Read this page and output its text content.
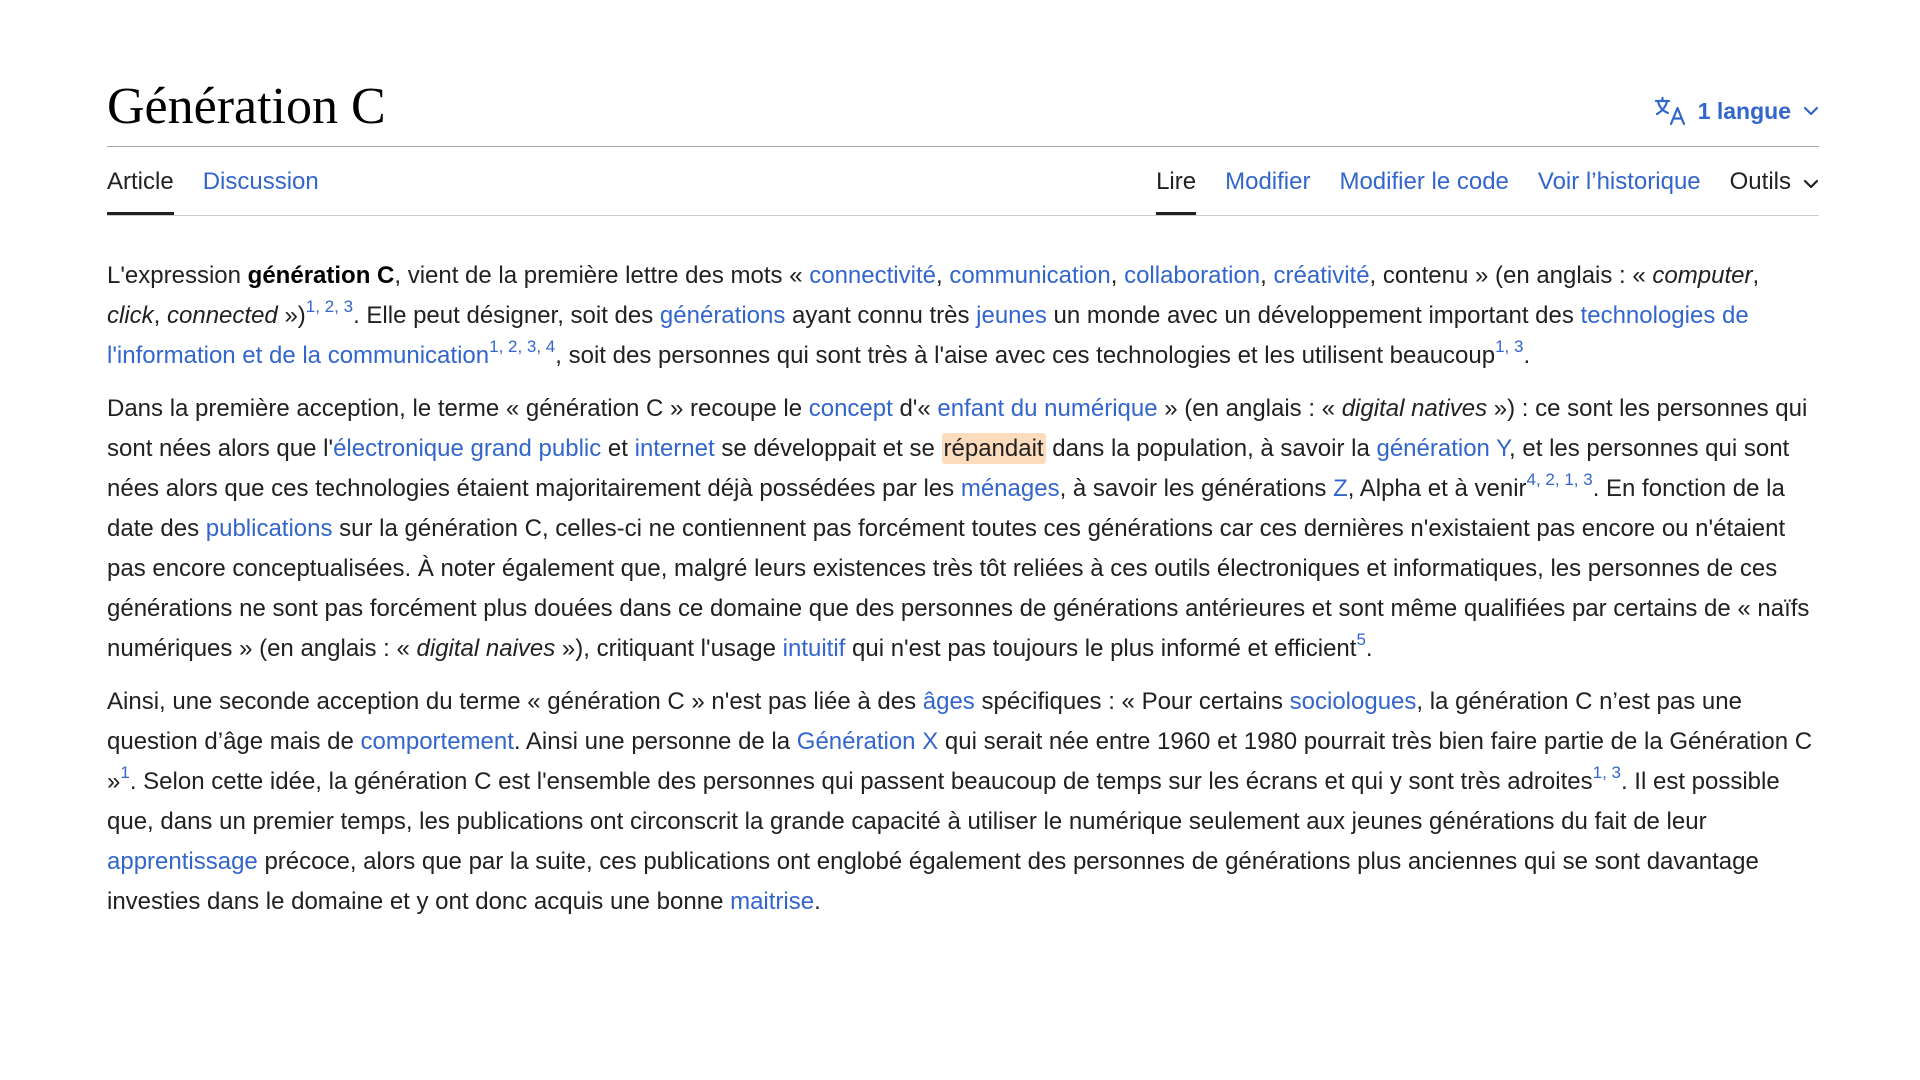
Génération C	1 langue
Article Discussion	Lire Modifier Modifier le code Voir l’historique Outils

L'expression génération C, vient de la première lettre des mots « connectivité, communication, collaboration, créativité, contenu » (en anglais : « computer, click, connected »)$^{1, 2, 3}$. Elle peut désigner, soit des générations ayant connu très jeunes un monde avec un développement important des technologies de l'information et de la communication$^{1, 2, 3, 4}$, soit des personnes qui sont très à l'aise avec ces technologies et les utilisent beaucoup$^{1, 3}$.

Dans la première acception, le terme « génération C » recoupe le concept d'« enfant du numérique » (en anglais : « digital natives ») : ce sont les personnes qui sont nées alors que l'électronique grand public et internet se développait et se répandait dans la population, à savoir la génération Y, et les personnes qui sont nées alors que ces technologies étaient majoritairement déjà possédées par les ménages, à savoir les générations Z, Alpha et à venir$^{4, 2, 1, 3}$. En fonction de la date des publications sur la génération C, celles-ci ne contiennent pas forcément toutes ces générations car ces dernières n'existaient pas encore ou n'étaient pas encore conceptualisées. À noter également que, malgré leurs existences très tôt reliées à ces outils électroniques et informatiques, les personnes de ces générations ne sont pas forcément plus douées dans ce domaine que des personnes de générations antérieures et sont même qualifiées par certains de « naïfs numériques » (en anglais : « digital naives »), critiquant l'usage intuitif qui n'est pas toujours le plus informé et efficient$^5$.

Ainsi, une seconde acception du terme « génération C » n'est pas liée à des âges spécifiques : « Pour certains sociologues, la génération C n’est pas une question d’âge mais de comportement. Ainsi une personne de la Génération X qui serait née entre 1960 et 1980 pourrait très bien faire partie de la Génération C »$^1$. Selon cette idée, la génération C est l'ensemble des personnes qui passent beaucoup de temps sur les écrans et qui y sont très adroites$^{1, 3}$. Il est possible que, dans un premier temps, les publications ont circonscrit la grande capacité à utiliser le numérique seulement aux jeunes générations du fait de leur apprentissage précoce, alors que par la suite, ces publications ont englobé également des personnes de générations plus anciennes qui se sont davantage investies dans le domaine et y ont donc acquis une bonne maitrise.
